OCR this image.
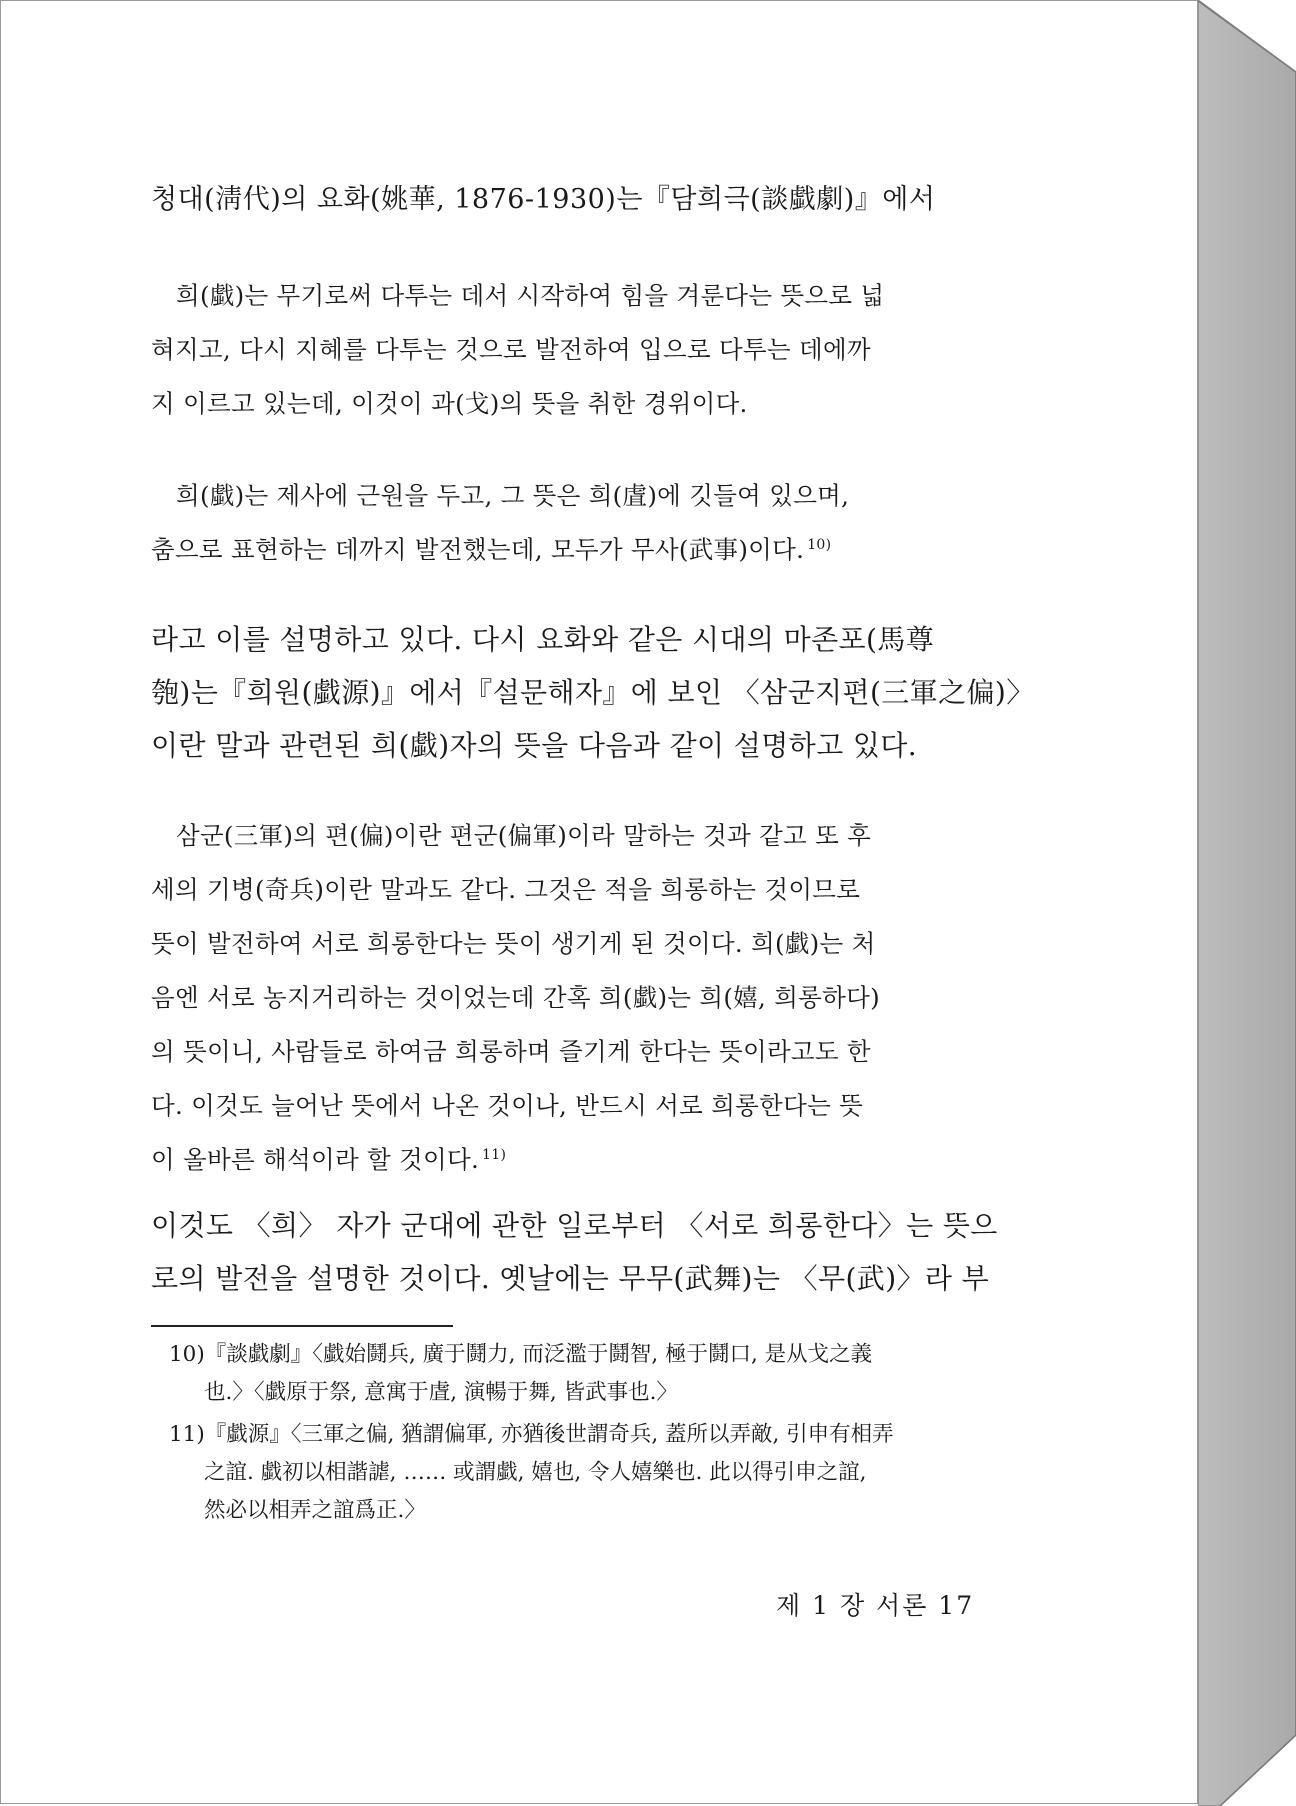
청대(淸代)의 요화(姚華, 1876-1930)는『담희극(談戱劇)』에서

희(戱)는 무기로써 다투는 데서 시작하여 힘을 겨룬다는 뜻으로 넓
혀지고, 다시 지혜를 다투는 것으로 발전하여 입으로 다투는 데에까
지 이르고 있는데, 이것이 과(戈)의 뜻을 취한 경위이다.
희(戱)는 제사에 근원을 두고, 그 뜻은 희(虘)에 깃들여 있으며,
춤으로 표현하는 데까지 발전했는데, 모두가 무사(武事)이다. $^{10)}$
라고 이를 설명하고 있다. 다시 요화와 같은 시대의 마존포(馬尊
匏)는『희원(戱源)』에서『설문해자』에 보인 〈삼군지편(三軍之偏)〉
이란 말과 관련된 희(戱)자의 뜻을 다음과 같이 설명하고 있다.
삼군(三軍)의 편(偏)이란 편군(偏軍)이라 말하는 것과 같고 또 후
세의 기병(奇兵)이란 말과도 같다. 그것은 적을 희롱하는 것이므로
뜻이 발전하여 서로 희롱한다는 뜻이 생기게 된 것이다. 희(戱)는 처
음엔 서로 농지거리하는 것이었는데 간혹 희(戱)는 희(嬉, 희롱하다)
의 뜻이니, 사람들로 하여금 희롱하며 즐기게 한다는 뜻이라고도 한
다. 이것도 늘어난 뜻에서 나온 것이나, 반드시 서로 희롱한다는 뜻
이 올바른 해석이라 할 것이다. $^{11)}$
이것도 〈희〉 자가 군대에 관한 일로부터 〈서로 희롱한다〉는 뜻으
로의 발전을 설명한 것이다. 옛날에는 무무(武舞)는 〈무(武)〉라 부
10)『談戱劇』〈戱始鬪兵, 廣于鬪力, 而泛濫于鬪智, 極于鬪口, 是从戈之義
也.〉〈戱原于祭, 意寓于虘, 演暢于舞, 皆武事也.〉
11)『戱源』〈三軍之偏, 猶謂偏軍, 亦猶後世謂奇兵, 蓋所以弄敵, 引申有相弄
之誼. 戱初以相諧謔, …… 或謂戱, 嬉也, 令人嬉樂也. 此以得引申之誼,
然必以相弄之誼爲正.〉
제 1 장 서론 17
